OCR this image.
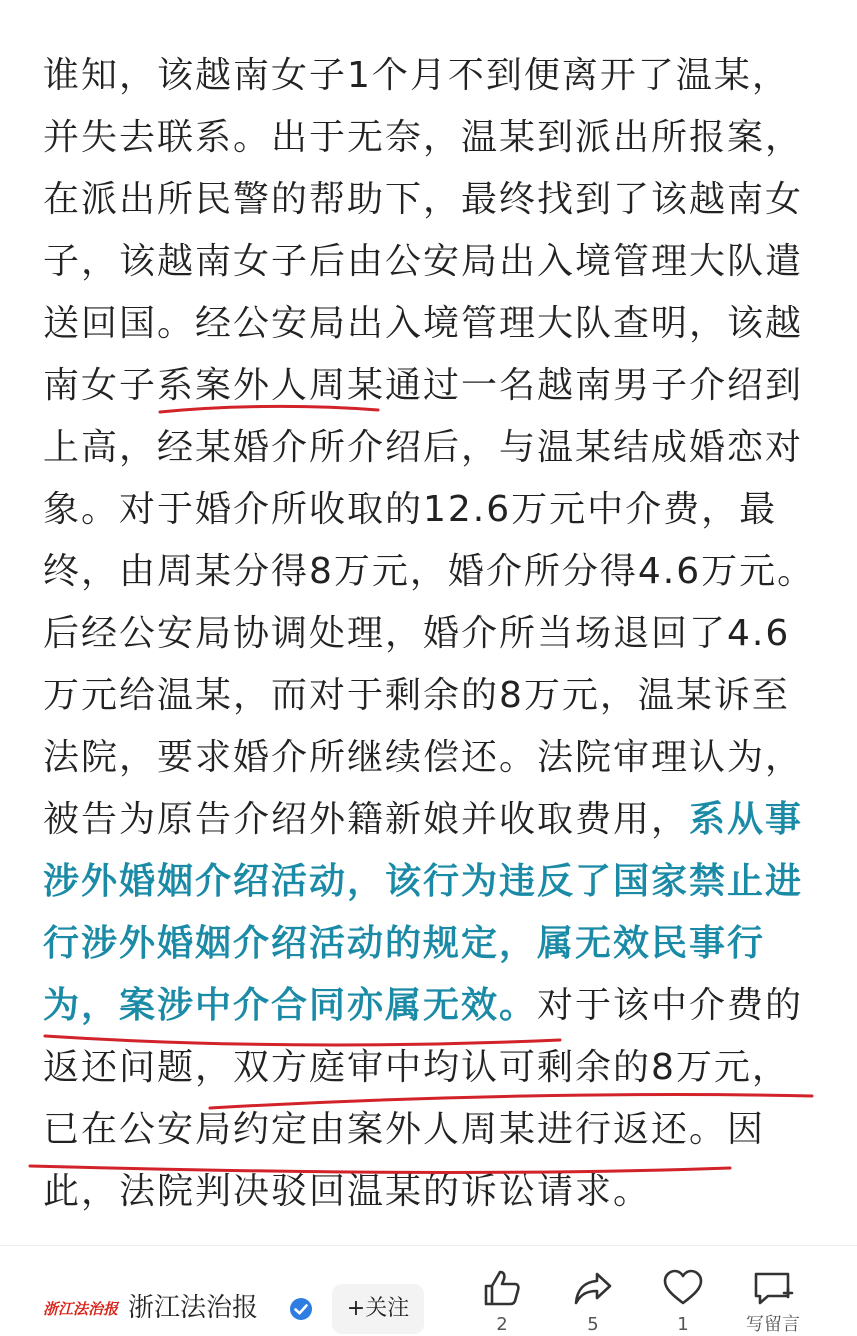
谁知，该越南女子1个月不到便离开了温某，
并失去联系。出于无奈，温某到派出所报案，
在派出所民警的帮助下，最终找到了该越南女
子，该越南女子后由公安局出入境管理大队遣
送回国。经公安局出入境管理大队查明，该越
南女子系案外人周某通过一名越南男子介绍到
上高，经某婚介所介绍后，与温某结成婚恋对
象。对于婚介所收取的12.6万元中介费，最
终，由周某分得8万元，婚介所分得4.6万元。
后经公安局协调处理，婚介所当场退回了4.6
万元给温某，而对于剩余的8万元，温某诉至
法院，要求婚介所继续偿还。法院审理认为，
被告为原告介绍外籍新娘并收取费用，系从事
涉外婚姻介绍活动，该行为违反了国家禁止进
行涉外婚姻介绍活动的规定，属无效民事行
为，案涉中介合同亦属无效。对于该中介费的
返还问题，双方庭审中均认可剩余的8万元，
已在公安局约定由案外人周某进行返还。因
此，法院判决驳回温某的诉讼请求。
浙江法治报 浙江法治报	+关注
2	5	1	写留言
